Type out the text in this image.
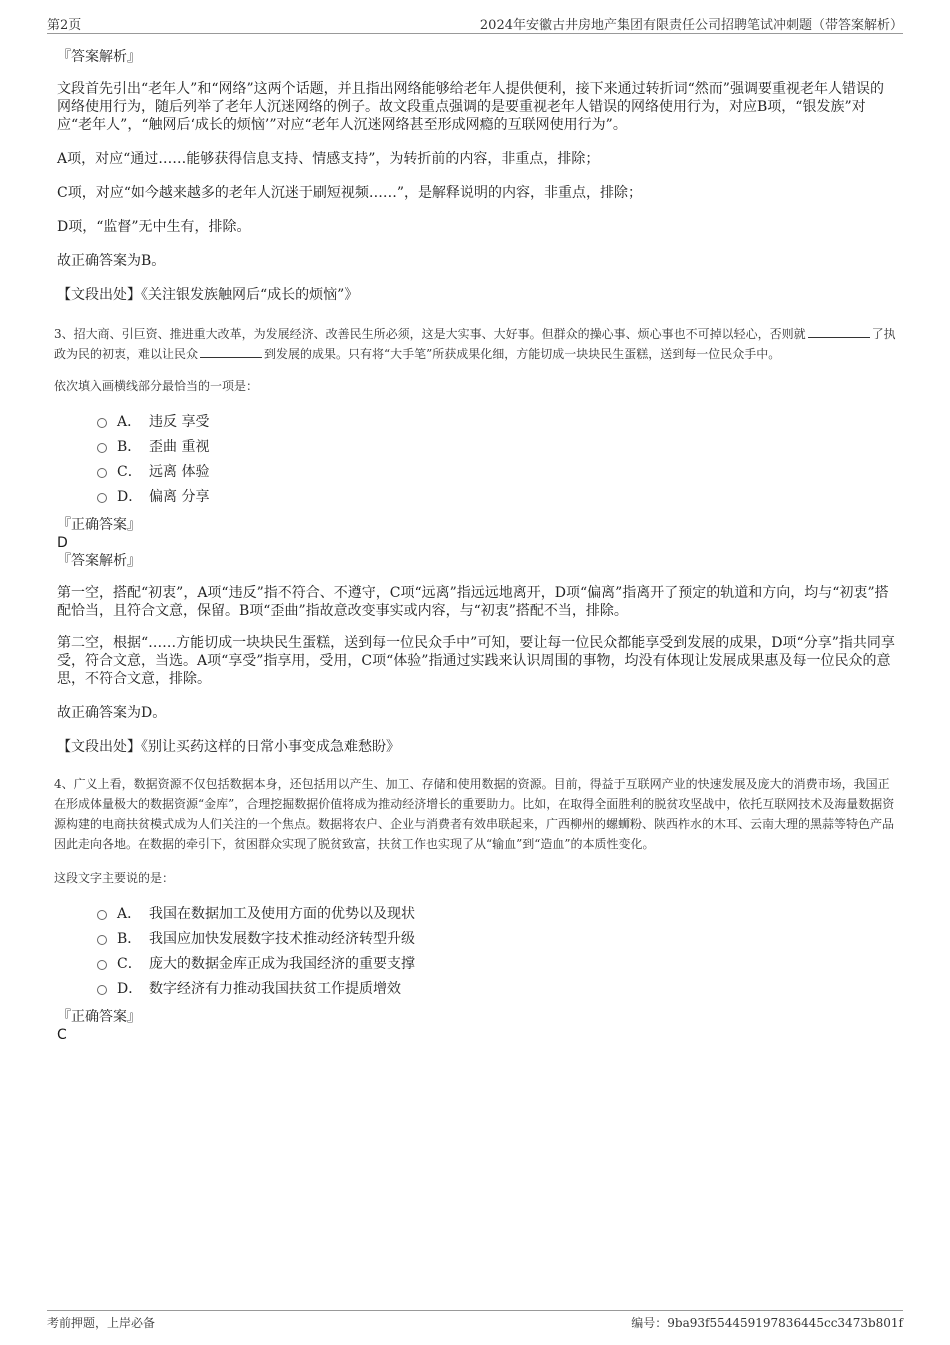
第2页	2024年安徽古井房地产集团有限责任公司招聘笔试冲刺题（带答案解析）

『答案解析』

文段首先引出“老年人”和“网络”这两个话题，并且指出网络能够给老年人提供便利，接下来通过转折词“然而”强调要重视老年人错误的网络使用行为，随后列举了老年人沉迷网络的例子。故文段重点强调的是要重视老年人错误的网络使用行为，对应B项，“银发族”对应“老年人”，“触网后‘成长的烦恼’”对应“老年人沉迷网络甚至形成网瘾的互联网使用行为”。

A项，对应“通过……能够获得信息支持、情感支持”，为转折前的内容，非重点，排除；

C项，对应“如今越来越多的老年人沉迷于刷短视频……”，是解释说明的内容，非重点，排除；

D项，“监督”无中生有，排除。

故正确答案为B。

【文段出处】《关注银发族触网后“成长的烦恼”》

3、招大商、引巨资、推进重大改革，为发展经济、改善民生所必须，这是大实事、大好事。但群众的操心事、烦心事也不可掉以轻心，否则就	了执政为民的初衷，难以让民众	到发展的成果。只有将“大手笔”所获成果化细，方能切成一块块民生蛋糕，送到每一位民众手中。

依次填入画横线部分最恰当的一项是：

A． 违反 享受
B． 歪曲 重视
C． 远离 体验
D． 偏离 分享

『正确答案』

D

『答案解析』

第一空，搭配“初衷”，A项“违反”指不符合、不遵守，C项“远离”指远远地离开，D项“偏离”指离开了预定的轨道和方向，均与“初衷”搭配恰当，且符合文意，保留。B项“歪曲”指故意改变事实或内容，与“初衷”搭配不当，排除。

第二空，根据“……方能切成一块块民生蛋糕，送到每一位民众手中”可知，要让每一位民众都能享受到发展的成果，D项“分享”指共同享受，符合文意，当选。A项“享受”指享用，受用，C项“体验”指通过实践来认识周围的事物，均没有体现让发展成果惠及每一位民众的意思，不符合文意，排除。

故正确答案为D。

【文段出处】《别让买药这样的日常小事变成急难愁盼》

4、广义上看，数据资源不仅包括数据本身，还包括用以产生、加工、存储和使用数据的资源。目前，得益于互联网产业的快速发展及庞大的消费市场，我国正在形成体量极大的数据资源“金库”，合理挖掘数据价值将成为推动经济增长的重要助力。比如，在取得全面胜利的脱贫攻坚战中，依托互联网技术及海量数据资源构建的电商扶贫模式成为人们关注的一个焦点。数据将农户、企业与消费者有效串联起来，广西柳州的螺蛳粉、陕西柞水的木耳、云南大理的黑蒜等特色产品因此走向各地。在数据的牵引下，贫困群众实现了脱贫致富，扶贫工作也实现了从“输血”到“造血”的本质性变化。

这段文字主要说的是：

A． 我国在数据加工及使用方面的优势以及现状
B． 我国应加快发展数字技术推动经济转型升级
C． 庞大的数据金库正成为我国经济的重要支撑
D． 数字经济有力推动我国扶贫工作提质增效

『正确答案』

C

考前押题，上岸必备	编号：9ba93f554459197836445cc3473b801f
